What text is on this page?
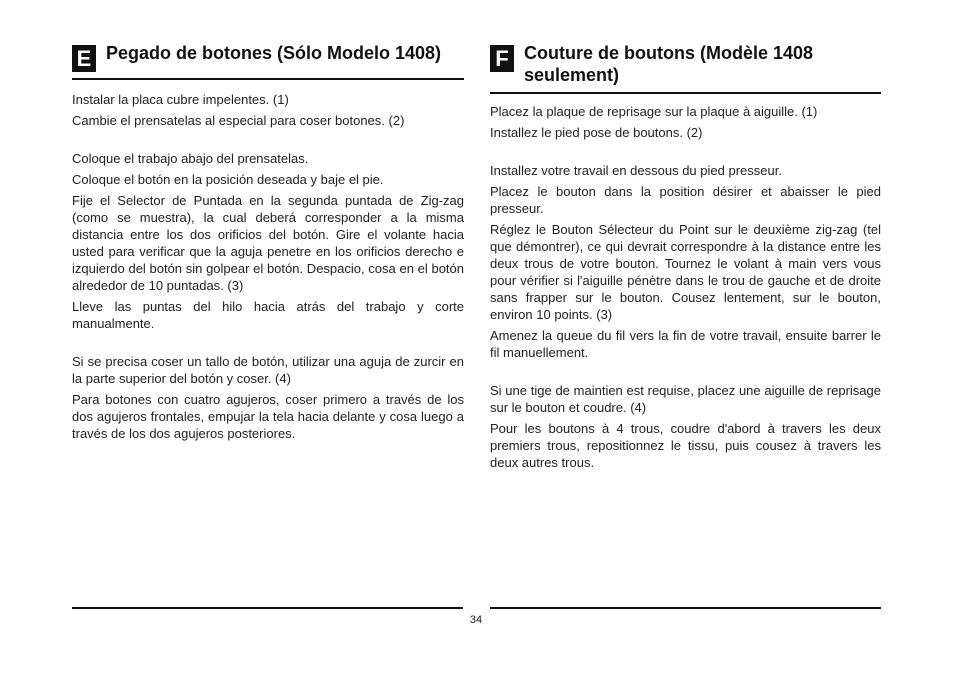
E Pegado de botones (Sólo Modelo 1408)

Instalar la placa cubre impelentes. (1)

Cambie el prensatelas al especial para coser botones. (2)

Coloque el trabajo abajo del prensatelas.

Coloque el botón en la posición deseada y baje el pie.

Fije el Selector de Puntada en la segunda puntada de Zig-zag (como se muestra), la cual deberá corresponder a la misma distancia entre los dos orificios del botón. Gire el volante hacia usted para verificar que la aguja penetre en los orificios derecho e izquierdo del botón sin golpear el botón. Despacio, cosa en el botón alrededor de 10 puntadas. (3)

Lleve las puntas del hilo hacia atrás del trabajo y corte manualmente.

Si se precisa coser un tallo de botón, utilizar una aguja de zurcir en la parte superior del botón y coser. (4)

Para botones con cuatro agujeros, coser primero a través de los dos agujeros frontales, empujar la tela hacia delante y cosa luego a través de los dos agujeros posteriores.

F Couture de boutons (Modèle 1408 seulement)

Placez la plaque de reprisage sur la plaque à aiguille. (1)

Installez le pied pose de boutons. (2)

Installez votre travail en dessous du pied presseur.

Placez le bouton dans la position désirer et abaisser le pied presseur.

Réglez le Bouton Sélecteur du Point sur le deuxième zig-zag (tel que démontrer), ce qui devrait correspondre à la distance entre les deux trous de votre bouton. Tournez le volant à main vers vous pour vérifier si l'aiguille pénètre dans le trou de gauche et de droite sans frapper sur le bouton. Cousez lentement, sur le bouton, environ 10 points. (3)

Amenez la queue du fil vers la fin de votre travail, ensuite barrer le fil manuellement.

Si une tige de maintien est requise, placez une aiguille de reprisage sur le bouton et coudre. (4)

Pour les boutons à 4 trous, coudre d'abord à travers les deux premiers trous, repositionnez le tissu, puis cousez à travers les deux autres trous.

34
